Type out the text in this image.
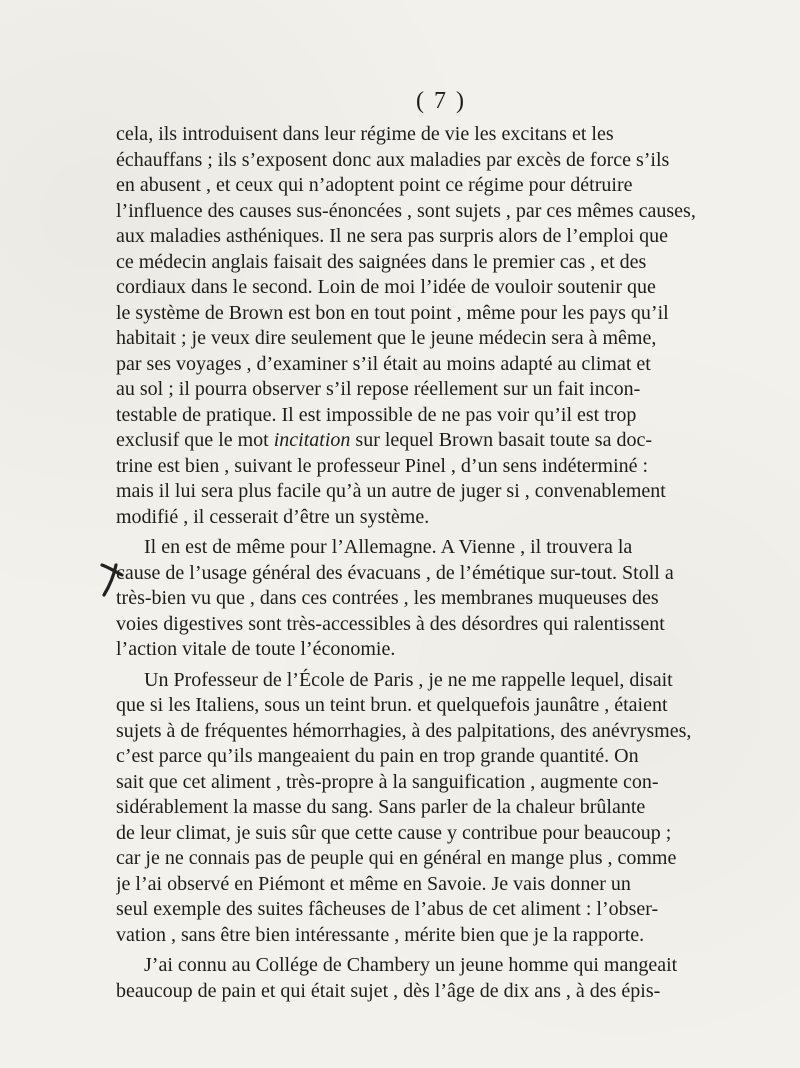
( 7 )
cela, ils introduisent dans leur régime de vie les excitans et les
échauffans ; ils s’exposent donc aux maladies par excès de force s’ils
en abusent , et ceux qui n’adoptent point ce régime pour détruire
l’influence des causes sus-énoncées , sont sujets , par ces mêmes causes,
aux maladies asthéniques. Il ne sera pas surpris alors de l’emploi que
ce médecin anglais faisait des saignées dans le premier cas , et des
cordiaux dans le second. Loin de moi l’idée de vouloir soutenir que
le système de Brown est bon en tout point , même pour les pays qu’il
habitait ; je veux dire seulement que le jeune médecin sera à même,
par ses voyages , d’examiner s’il était au moins adapté au climat et
au sol ; il pourra observer s’il repose réellement sur un fait incon-
testable de pratique. Il est impossible de ne pas voir qu’il est trop
exclusif que le mot incitation sur lequel Brown basait toute sa doc-
trine est bien , suivant le professeur Pinel , d’un sens indéterminé :
mais il lui sera plus facile qu’à un autre de juger si , convenablement
modifié , il cesserait d’être un système.
Il en est de même pour l’Allemagne. A Vienne , il trouvera la
cause de l’usage général des évacuans , de l’émétique sur-tout. Stoll a
très-bien vu que , dans ces contrées , les membranes muqueuses des
voies digestives sont très-accessibles à des désordres qui ralentissent
l’action vitale de toute l’économie.
Un Professeur de l’École de Paris , je ne me rappelle lequel, disait
que si les Italiens, sous un teint brun. et quelquefois jaunâtre , étaient
sujets à de fréquentes hémorrhagies, à des palpitations, des anévrysmes,
c’est parce qu’ils mangeaient du pain en trop grande quantité. On
sait que cet aliment , très-propre à la sanguification , augmente con-
sidérablement la masse du sang. Sans parler de la chaleur brûlante
de leur climat, je suis sûr que cette cause y contribue pour beaucoup ;
car je ne connais pas de peuple qui en général en mange plus , comme
je l’ai observé en Piémont et même en Savoie. Je vais donner un
seul exemple des suites fâcheuses de l’abus de cet aliment : l’obser-
vation , sans être bien intéressante , mérite bien que je la rapporte.
J’ai connu au Collége de Chambery un jeune homme qui mangeait
beaucoup de pain et qui était sujet , dès l’âge de dix ans , à des épis-
